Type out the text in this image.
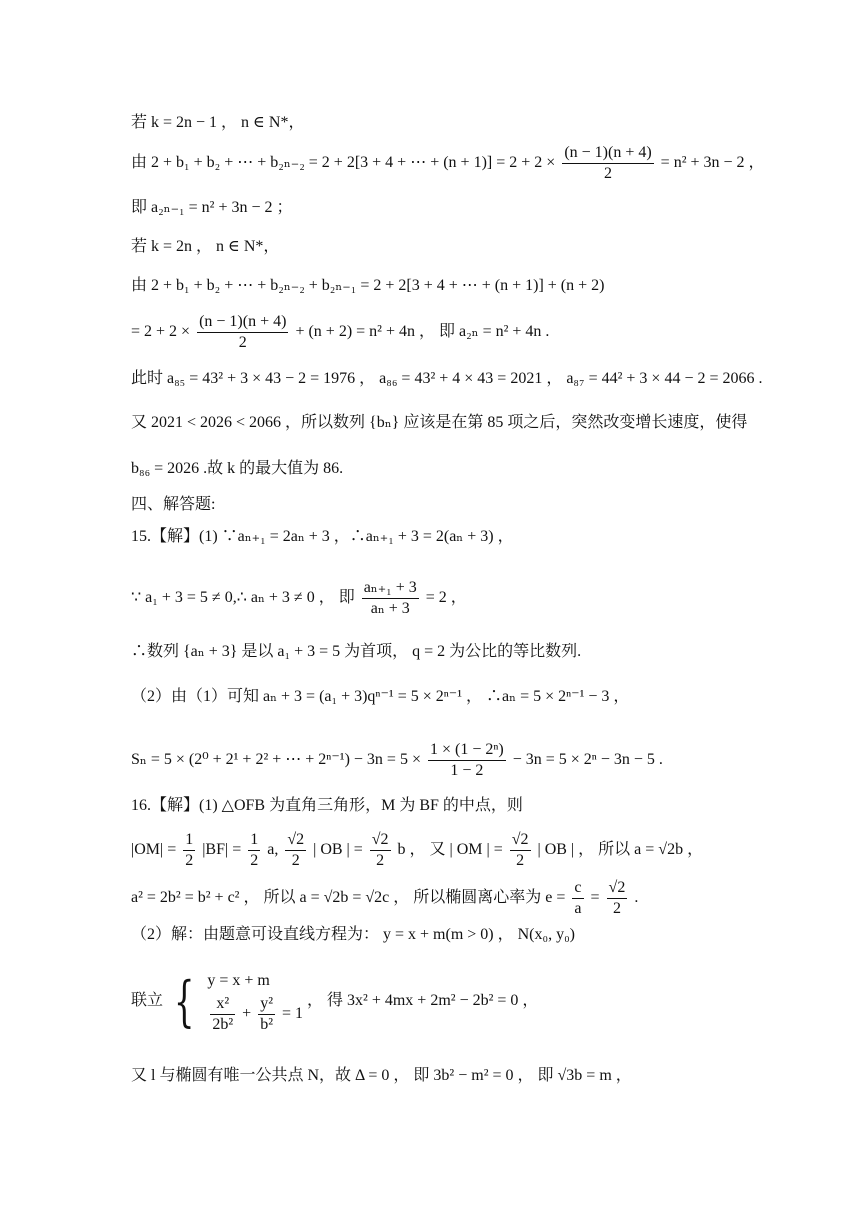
若 k = 2n − 1 ， n ∈ N*，
由 2 + b₁ + b₂ + ⋯ + b₂ₙ₋₂ = 2 + 2[3 + 4 + ⋯ + $(n + 1)] = 2 + 2 \times \frac{(n - 1)(n + 4)}{2} = n^2 + 3n - 2$ ，
即 a₂ₙ₋₁ = n² + 3n − 2 ；
若 k = 2n ， n ∈ N*，
由 2 + b₁ + b₂ + ⋯ + b₂ₙ₋₂ + b₂ₙ₋₁ = 2 + 2[3 + 4 + ⋯ + (n + 1)] + (n + 2)
= $2 + 2 \times \frac{(n - 1)(n + 4)}{2} + (n + 2) = n^2 + 4n$ ， 即 a₂ₙ = n² + 4n .
此时 a₈₅ = 43² + 3 × 43 − 2 = 1976 ， a₈₆ = 43² + 4 × 43 = 2021 ， a₈₇ = 44² + 3 × 44 − 2 = 2066 .
又 2021 < 2026 < 2066 ，所以数列 {bₙ} 应该是在第 85 项之后，突然改变增长速度，使得
b₈₆ = 2026 .故 k 的最大值为 86.
四、解答题:
15.【解】(1) ∵aₙ₊₁ = 2aₙ + 3 ，∴aₙ₊₁ + 3 = 2(aₙ + 3) ，
∵ a₁ + 3 = 5 ≠ 0,∴ aₙ + 3 ≠ 0 ， 即 $\frac{\text{aₙ₊₁ + 3}}{\text{aₙ + 3}} = 2$ ，
∴数列 {aₙ + 3} 是以 a₁ + 3 = 5 为首项， q = 2 为公比的等比数列.
（2）由（1）可知 aₙ + 3 = (a₁ + 3)qⁿ⁻¹ = 5 × 2ⁿ⁻¹ ， ∴aₙ = 5 × 2ⁿ⁻¹ − 3 ，
Sₙ = 5 × (2⁰ + 2¹ + 2² + ⋯ + $2^{n-1}) - 3n = 5 \times \frac{\text{1 × (1 − 2ⁿ)}}{1 - 2} - 3n = 5 \times 2^n - 3n - 5$ .
16.【解】(1) △OFB 为直角三角形，M 为 BF 的中点，则
$|OM| = \frac{1}{2} |BF| = \frac{1}{2} a$, $\frac{√2}{2}$ | OB | = $\frac{√2}{2}$ b ， 又 | OM | = $\frac{√2}{2}$ | OB | ， 所以 a = √2b ，
a² = 2b² = b² + c² ， 所以 a = √2b = √2c ， 所以椭圆离心率为 $e = \frac{c}{a} = \frac{√2}{2}$ .
（2）解：由题意可设直线方程为： y = x + m(m > 0) ， N(x₀, y₀)
联立 { y = x + m
$\frac{\text{x²}}{\text{2b²}} + \frac{\text{y²}}{\text{b²}} = 1$
， 得 3x² + 4mx + 2m² − 2b² = 0 ，
又 l 与椭圆有唯一公共点 N，故 Δ = 0 ， 即 3b² − m² = 0 ， 即 √3b = m ，
